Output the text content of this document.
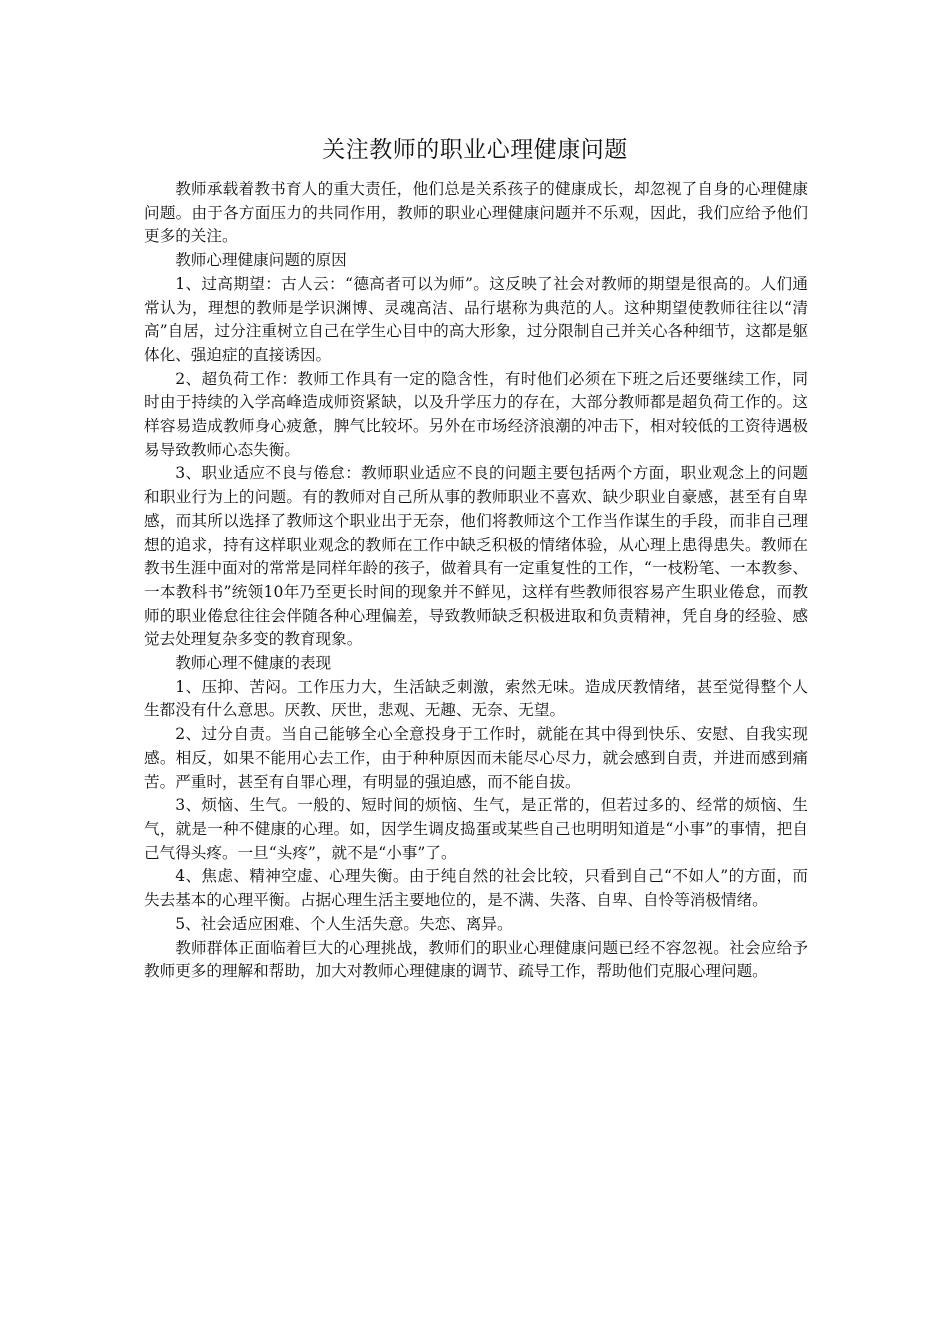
关注教师的职业心理健康问题

教师承载着教书育人的重大责任，他们总是关系孩子的健康成长，却忽视了自身的心理健康问题。由于各方面压力的共同作用，教师的职业心理健康问题并不乐观，因此，我们应给予他们更多的关注。

教师心理健康问题的原因

1、过高期望：古人云：“德高者可以为师”。这反映了社会对教师的期望是很高的。人们通常认为，理想的教师是学识渊博、灵魂高洁、品行堪称为典范的人。这种期望使教师往往以“清高”自居，过分注重树立自己在学生心目中的高大形象，过分限制自己并关心各种细节，这都是躯体化、强迫症的直接诱因。

2、超负荷工作：教师工作具有一定的隐含性，有时他们必须在下班之后还要继续工作，同时由于持续的入学高峰造成师资紧缺，以及升学压力的存在，大部分教师都是超负荷工作的。这样容易造成教师身心疲惫，脾气比较坏。另外在市场经济浪潮的冲击下，相对较低的工资待遇极易导致教师心态失衡。

3、职业适应不良与倦怠：教师职业适应不良的问题主要包括两个方面，职业观念上的问题和职业行为上的问题。有的教师对自己所从事的教师职业不喜欢、缺少职业自豪感，甚至有自卑感，而其所以选择了教师这个职业出于无奈，他们将教师这个工作当作谋生的手段，而非自己理想的追求，持有这样职业观念的教师在工作中缺乏积极的情绪体验，从心理上患得患失。教师在教书生涯中面对的常常是同样年龄的孩子，做着具有一定重复性的工作，“一枝粉笔、一本教参、一本教科书”统领10年乃至更长时间的现象并不鲜见，这样有些教师很容易产生职业倦怠，而教师的职业倦怠往往会伴随各种心理偏差，导致教师缺乏积极进取和负责精神，凭自身的经验、感觉去处理复杂多变的教育现象。

教师心理不健康的表现

1、压抑、苦闷。工作压力大，生活缺乏刺激，索然无味。造成厌教情绪，甚至觉得整个人生都没有什么意思。厌教、厌世，悲观、无趣、无奈、无望。

2、过分自责。当自己能够全心全意投身于工作时，就能在其中得到快乐、安慰、自我实现感。相反，如果不能用心去工作，由于种种原因而未能尽心尽力，就会感到自责，并进而感到痛苦。严重时，甚至有自罪心理，有明显的强迫感，而不能自拔。

3、烦恼、生气。一般的、短时间的烦恼、生气，是正常的，但若过多的、经常的烦恼、生气，就是一种不健康的心理。如，因学生调皮捣蛋或某些自己也明明知道是“小事”的事情，把自己气得头疼。一旦“头疼”，就不是“小事”了。

4、焦虑、精神空虚、心理失衡。由于纯自然的社会比较，只看到自己“不如人”的方面，而失去基本的心理平衡。占据心理生活主要地位的，是不满、失落、自卑、自怜等消极情绪。

5、社会适应困难、个人生活失意。失恋、离异。

教师群体正面临着巨大的心理挑战，教师们的职业心理健康问题已经不容忽视。社会应给予教师更多的理解和帮助，加大对教师心理健康的调节、疏导工作，帮助他们克服心理问题。
